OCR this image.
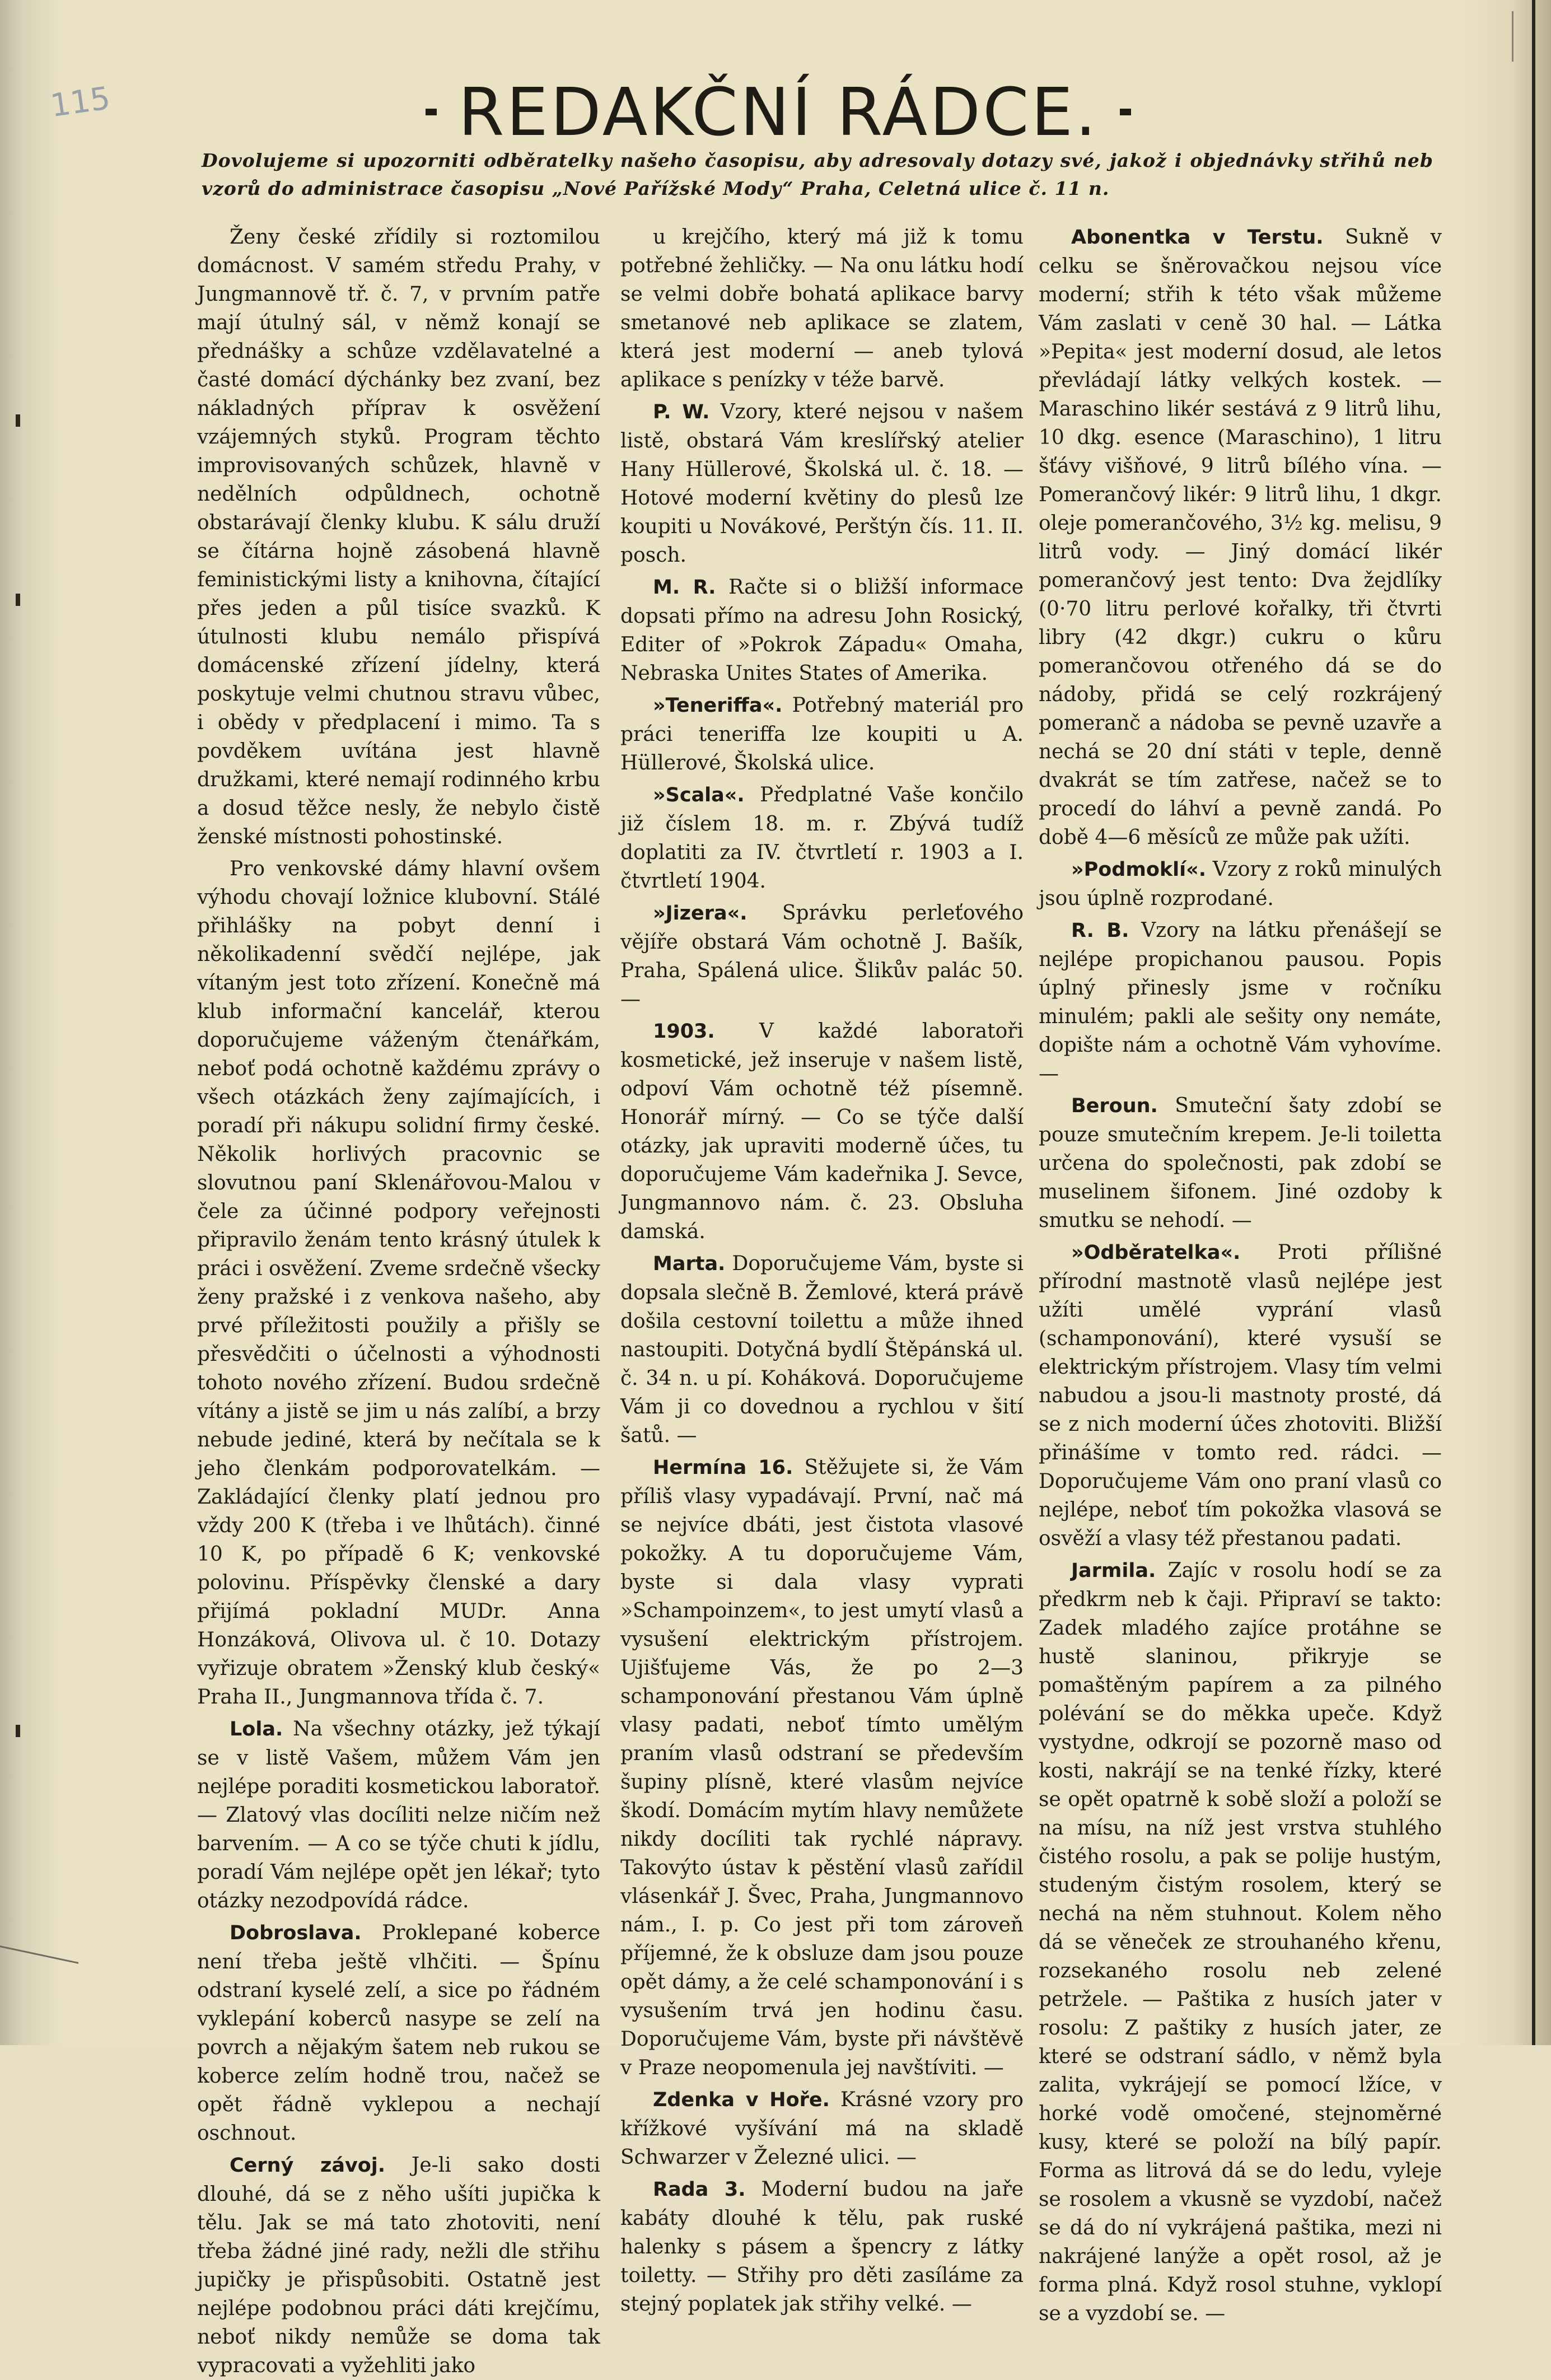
115	REDAKČNÍ RÁDCE.
Dovolujeme si upozorniti odběratelky našeho časopisu, aby adresovaly dotazy své, jakož i objednávky střihů neb vzorů do administrace časopisu „Nové Pařížské Mody“ Praha, Celetná ulice č. 11 n.

Ženy české zřídily si roztomilou domácnost. V samém středu Prahy, v Jungmannově tř. č. 7, v prvním patře mají útulný sál, v němž konají se přednášky a schůze vzdělavatelné a časté domácí dýchánky bez zvaní, bez nákladných příprav k osvěžení vzájemných styků. Program těchto improvisovaných schůzek, hlavně v nedělních odpůldnech, ochotně obstarávají členky klubu. K sálu druží se čítárna hojně zásobená hlavně feministickými listy a knihovna, čítající přes jeden a půl tisíce svazků. K útulnosti klubu nemálo přispívá domácenské zřízení jídelny, která poskytuje velmi chutnou stravu vůbec, i obědy v předplacení i mimo. Ta s povděkem uvítána jest hlavně družkami, které nemají rodinného krbu a dosud těžce nesly, že nebylo čistě ženské místnosti pohostinské.

Pro venkovské dámy hlavní ovšem výhodu chovají ložnice klubovní. Stálé přihlášky na pobyt denní i několikadenní svědčí nejlépe, jak vítaným jest toto zřízení. Konečně má klub informační kancelář, kterou doporučujeme váženým čtenářkám, neboť podá ochotně každému zprávy o všech otázkách ženy zajímajících, i poradí při nákupu solidní firmy české. Několik horlivých pracovnic se slovutnou paní Sklenářovou-Malou v čele za účinné podpory veřejnosti připravilo ženám tento krásný útulek k práci i osvěžení. Zveme srdečně všecky ženy pražské i z venkova našeho, aby prvé příležitosti použily a přišly se přesvědčiti o účelnosti a výhodnosti tohoto nového zřízení. Budou srdečně vítány a jistě se jim u nás zalíbí, a brzy nebude jediné, která by nečítala se k jeho členkám podporovatelkám. — Zakládající členky platí jednou pro vždy 200 K (třeba i ve lhůtách). činné 10 K, po případě 6 K; venkovské polovinu. Příspěvky členské a dary přijímá pokladní MUDr. Anna Honzáková, Olivova ul. č 10. Dotazy vyřizuje obratem »Ženský klub český« Praha II., Jungmannova třída č. 7.

Lola. Na všechny otázky, jež týkají se v listě Vašem, můžem Vám jen nejlépe poraditi kosmetickou laboratoř. — Zlatový vlas docíliti nelze ničím než barvením. — A co se týče chuti k jídlu, poradí Vám nejlépe opět jen lékař; tyto otázky nezodpovídá rádce.

Dobroslava. Proklepané koberce není třeba ještě vlhčiti. — Špínu odstraní kyselé zelí, a sice po řádném vyklepání koberců nasype se zelí na povrch a nějakým šatem neb rukou se koberce zelím hodně trou, načež se opět řádně vyklepou a nechají oschnout.

Cerný závoj. Je-li sako dosti dlouhé, dá se z něho ušíti jupička k tělu. Jak se má tato zhotoviti, není třeba žádné jiné rady, nežli dle střihu jupičky je přispůsobiti. Ostatně jest nejlépe podobnou práci dáti krejčímu, neboť nikdy nemůže se doma tak vypracovati a vyžehliti jako

u krejčího, který má již k tomu potřebné žehličky. — Na onu látku hodí se velmi dobře bohatá aplikace barvy smetanové neb aplikace se zlatem, která jest moderní — aneb tylová aplikace s penízky v téže barvě.

P. W. Vzory, které nejsou v našem listě, obstará Vám kreslířský atelier Hany Hüllerové, Školská ul. č. 18. — Hotové moderní květiny do plesů lze koupiti u Novákové, Perštýn čís. 11. II. posch.

M. R. Račte si o bližší informace dopsati přímo na adresu John Rosický, Editer of »Pokrok Západu« Omaha, Nebraska Unites States of Amerika.

»Teneriffa«. Potřebný materiál pro práci teneriffa lze koupiti u A. Hüllerové, Školská ulice.

»Scala«. Předplatné Vaše končilo již číslem 18. m. r. Zbývá tudíž doplatiti za IV. čtvrtletí r. 1903 a I. čtvrtletí 1904.

»Jizera«. Správku perleťového vějíře obstará Vám ochotně J. Bašík, Praha, Spálená ulice. Šlikův palác 50. —

1903. V každé laboratoři kosmetické, jež inseruje v našem listě, odpoví Vám ochotně též písemně. Honorář mírný. — Co se týče další otázky, jak upraviti moderně účes, tu doporučujeme Vám kadeřnika J. Sevce, Jungmannovo nám. č. 23. Obsluha damská.

Marta. Doporučujeme Vám, byste si dopsala slečně B. Žemlové, která právě došila cestovní toilettu a může ihned nastoupiti. Dotyčná bydlí Štěpánská ul. č. 34 n. u pí. Koháková. Doporučujeme Vám ji co dovednou a rychlou v šití šatů. —

Hermína 16. Stěžujete si, že Vám příliš vlasy vypadávají. První, nač má se nejvíce dbáti, jest čistota vlasové pokožky. A tu doporučujeme Vám, byste si dala vlasy vyprati »Schampoinzem«, to jest umytí vlasů a vysušení elektrickým přístrojem. Ujišťujeme Vás, že po 2—3 schamponování přestanou Vám úplně vlasy padati, neboť tímto umělým praním vlasů odstraní se především šupiny plísně, které vlasům nejvíce škodí. Domácím mytím hlavy nemůžete nikdy docíliti tak rychlé nápravy. Takovýto ústav k pěstění vlasů zařídil vlásenkář J. Švec, Praha, Jungmannovo nám., I. p. Co jest při tom zároveň příjemné, že k obsluze dam jsou pouze opět dámy, a že celé schamponování i s vysušením trvá jen hodinu času. Doporučujeme Vám, byste při návštěvě v Praze neopomenula jej navštíviti. —

Zdenka v Hoře. Krásné vzory pro křížkové vyšívání má na skladě Schwarzer v Železné ulici. —

Rada 3. Moderní budou na jaře kabáty dlouhé k tělu, pak ruské halenky s pásem a špencry z látky toiletty. — Střihy pro děti zasíláme za stejný poplatek jak střihy velké. —

Abonentka v Terstu. Sukně v celku se šněrovačkou nejsou více moderní; střih k této však můžeme Vám zaslati v ceně 30 hal. — Látka »Pepita« jest moderní dosud, ale letos převládají látky velkých kostek. — Maraschino likér sestává z 9 litrů lihu, 10 dkg. esence (Maraschino), 1 litru šťávy višňové, 9 litrů bílého vína. — Pomerančový likér: 9 litrů lihu, 1 dkgr. oleje pomerančového, 3½ kg. melisu, 9 litrů vody. — Jiný domácí likér pomerančový jest tento: Dva žejdlíky (0·70 litru perlové kořalky, tři čtvrti libry (42 dkgr.) cukru o kůru pomerančovou otřeného dá se do nádoby, přidá se celý rozkrájený pomeranč a nádoba se pevně uzavře a nechá se 20 dní státi v teple, denně dvakrát se tím zatřese, načež se to procedí do láhví a pevně zandá. Po době 4—6 měsíců ze může pak užíti.

»Podmoklí«. Vzory z roků minulých jsou úplně rozprodané.

R. B. Vzory na látku přenášejí se nejlépe propichanou pausou. Popis úplný přinesly jsme v ročníku minulém; pakli ale sešity ony nemáte, dopište nám a ochotně Vám vyhovíme. —

Beroun. Smuteční šaty zdobí se pouze smutečním krepem. Je-li toiletta určena do společnosti, pak zdobí se muselinem šifonem. Jiné ozdoby k smutku se nehodí. —

»Odběratelka«. Proti přílišné přírodní mastnotě vlasů nejlépe jest užíti umělé vyprání vlasů (schamponování), které vysuší se elektrickým přístrojem. Vlasy tím velmi nabudou a jsou-li mastnoty prosté, dá se z nich moderní účes zhotoviti. Bližší přinášíme v tomto red. rádci. — Doporučujeme Vám ono praní vlasů co nejlépe, neboť tím pokožka vlasová se osvěží a vlasy též přestanou padati.

Jarmila. Zajíc v rosolu hodí se za předkrm neb k čaji. Připraví se takto: Zadek mladého zajíce protáhne se hustě slaninou, přikryje se pomaštěným papírem a za pilného polévání se do měkka upeče. Když vystydne, odkrojí se pozorně maso od kosti, nakrájí se na tenké řízky, které se opět opatrně k sobě složí a položí se na mísu, na níž jest vrstva stuhlého čistého rosolu, a pak se polije hustým, studeným čistým rosolem, který se nechá na něm stuhnout. Kolem něho dá se věneček ze strouhaného křenu, rozsekaného rosolu neb zelené petržele. — Paštika z husích jater v rosolu: Z paštiky z husích jater, ze které se odstraní sádlo, v němž byla zalita, vykrájejí se pomocí lžíce, v horké vodě omočené, stejnoměrné kusy, které se položí na bílý papír. Forma as litrová dá se do ledu, vyleje se rosolem a vkusně se vyzdobí, načež se dá do ní vykrájená paštika, mezi ni nakrájené lanýže a opět rosol, až je forma plná. Když rosol stuhne, vyklopí se a vyzdobí se. —
